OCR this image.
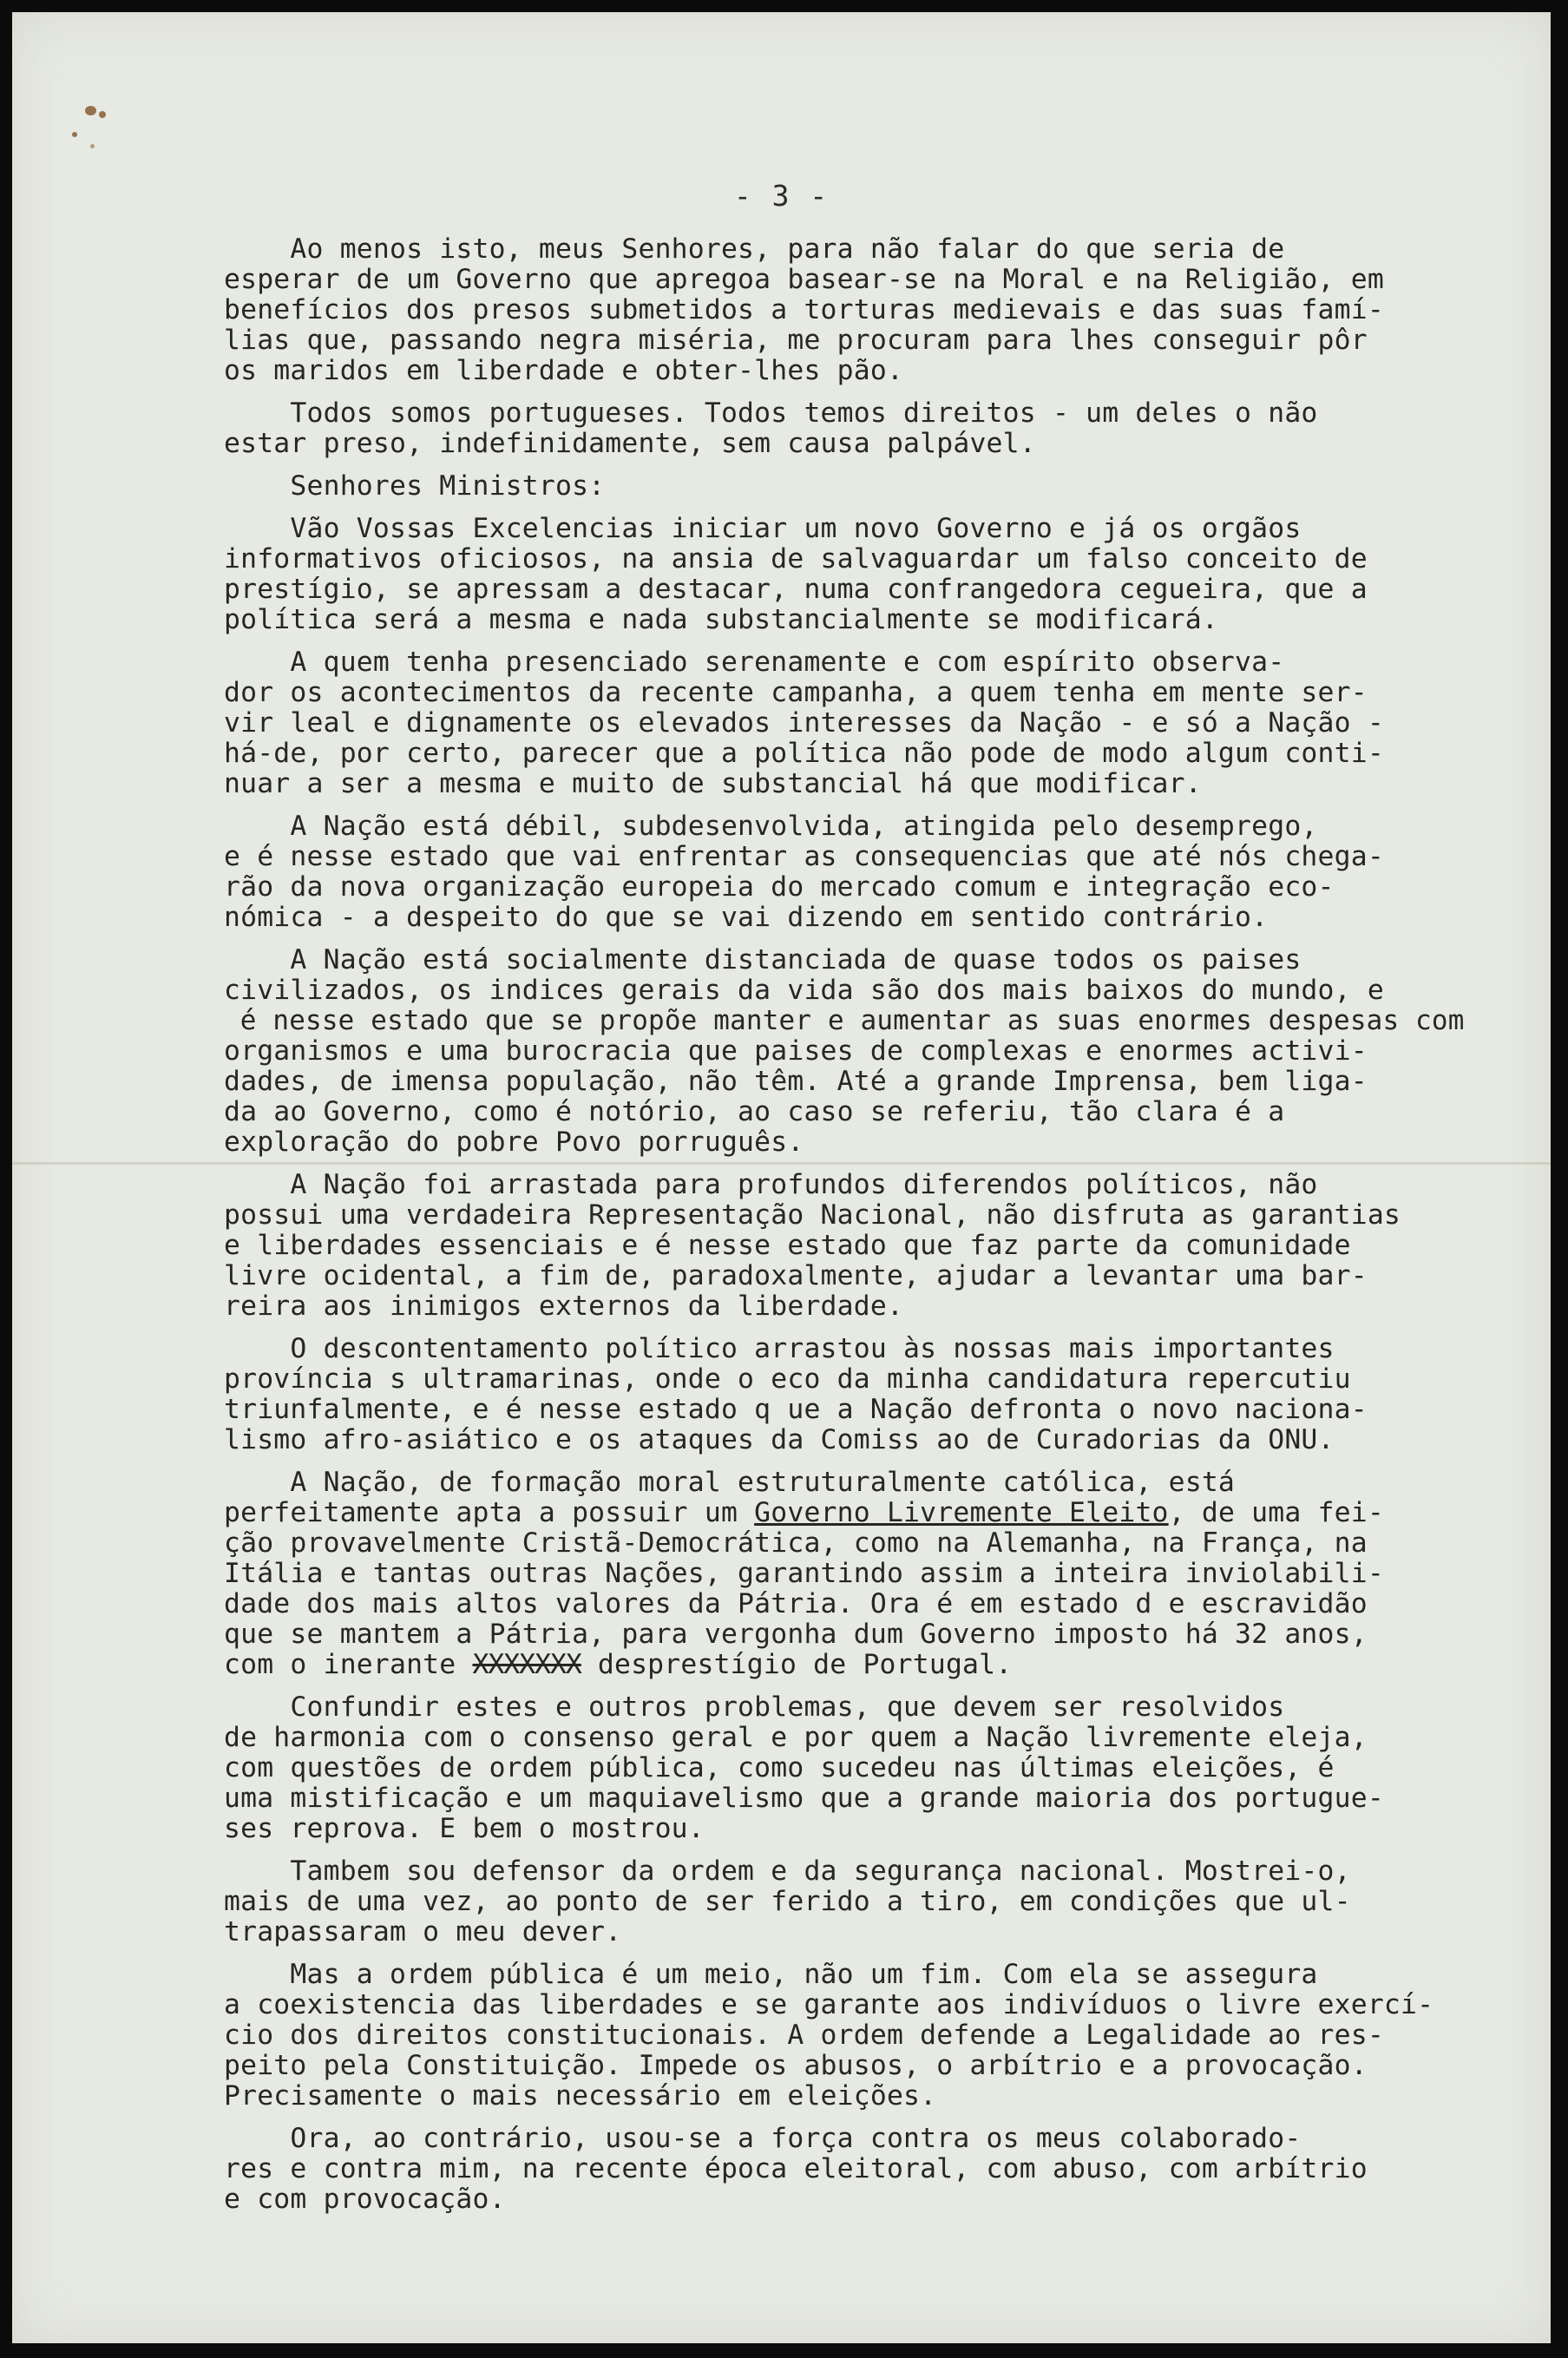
- 3 -
Ao menos isto, meus Senhores, para não falar do que seria de
esperar de um Governo que apregoa basear-se na Moral e na Religião, em
benefícios dos presos submetidos a torturas medievais e das suas famí-
lias que, passando negra miséria, me procuram para lhes conseguir pôr
os maridos em liberdade e obter-lhes pão.
Todos somos portugueses. Todos temos direitos - um deles o não
estar preso, indefinidamente, sem causa palpável.
Senhores Ministros:
Vão Vossas Excelencias iniciar um novo Governo e já os orgãos
informativos oficiosos, na ansia de salvaguardar um falso conceito de
prestígio, se apressam a destacar, numa confrangedora cegueira, que a
política será a mesma e nada substancialmente se modificará.
A quem tenha presenciado serenamente e com espírito observa-
dor os acontecimentos da recente campanha, a quem tenha em mente ser-
vir leal e dignamente os elevados interesses da Nação - e só a Nação -
há-de, por certo, parecer que a política não pode de modo algum conti-
nuar a ser a mesma e muito de substancial há que modificar.
A Nação está débil, subdesenvolvida, atingida pelo desemprego,
e é nesse estado que vai enfrentar as consequencias que até nós chega-
rão da nova organização europeia do mercado comum e integração eco-
nómica - a despeito do que se vai dizendo em sentido contrário.
A Nação está socialmente distanciada de quase todos os paises
civilizados, os indices gerais da vida são dos mais baixos do mundo, e
é nesse estado que se propõe manter e aumentar as suas enormes despesas com
organismos e uma burocracia que paises de complexas e enormes activi-
dades, de imensa população, não têm. Até a grande Imprensa, bem liga-
da ao Governo, como é notório, ao caso se referiu, tão clara é a
exploração do pobre Povo porruguês.
A Nação foi arrastada para profundos diferendos políticos, não
possui uma verdadeira Representação Nacional, não disfruta as garantias
e liberdades essenciais e é nesse estado que faz parte da comunidade
livre ocidental, a fim de, paradoxalmente, ajudar a levantar uma bar-
reira aos inimigos externos da liberdade.
O descontentamento político arrastou às nossas mais importantes
província s ultramarinas, onde o eco da minha candidatura repercutiu
triunfalmente, e é nesse estado q ue a Nação defronta o novo naciona-
lismo afro-asiático e os ataques da Comiss ao de Curadorias da ONU.
A Nação, de formação moral estruturalmente católica, está
perfeitamente apta a possuir um Governo Livremente Eleito, de uma fei-
ção provavelmente Cristã-Democrática, como na Alemanha, na França, na
Itália e tantas outras Nações, garantindo assim a inteira inviolabili-
dade dos mais altos valores da Pátria. Ora é em estado d e escravidão
que se mantem a Pátria, para vergonha dum Governo imposto há 32 anos,
com o inerante XXXXXXX desprestígio de Portugal.
Confundir estes e outros problemas, que devem ser resolvidos
de harmonia com o consenso geral e por quem a Nação livremente eleja,
com questões de ordem pública, como sucedeu nas últimas eleições, é
uma mistificação e um maquiavelismo que a grande maioria dos portugue-
ses reprova. E bem o mostrou.
Tambem sou defensor da ordem e da segurança nacional. Mostrei-o,
mais de uma vez, ao ponto de ser ferido a tiro, em condições que ul-
trapassaram o meu dever.
Mas a ordem pública é um meio, não um fim. Com ela se assegura
a coexistencia das liberdades e se garante aos indivíduos o livre exercí-
cio dos direitos constitucionais. A ordem defende a Legalidade ao res-
peito pela Constituição. Impede os abusos, o arbítrio e a provocação.
Precisamente o mais necessário em eleições.
Ora, ao contrário, usou-se a força contra os meus colaborado-
res e contra mim, na recente época eleitoral, com abuso, com arbítrio
e com provocação.
